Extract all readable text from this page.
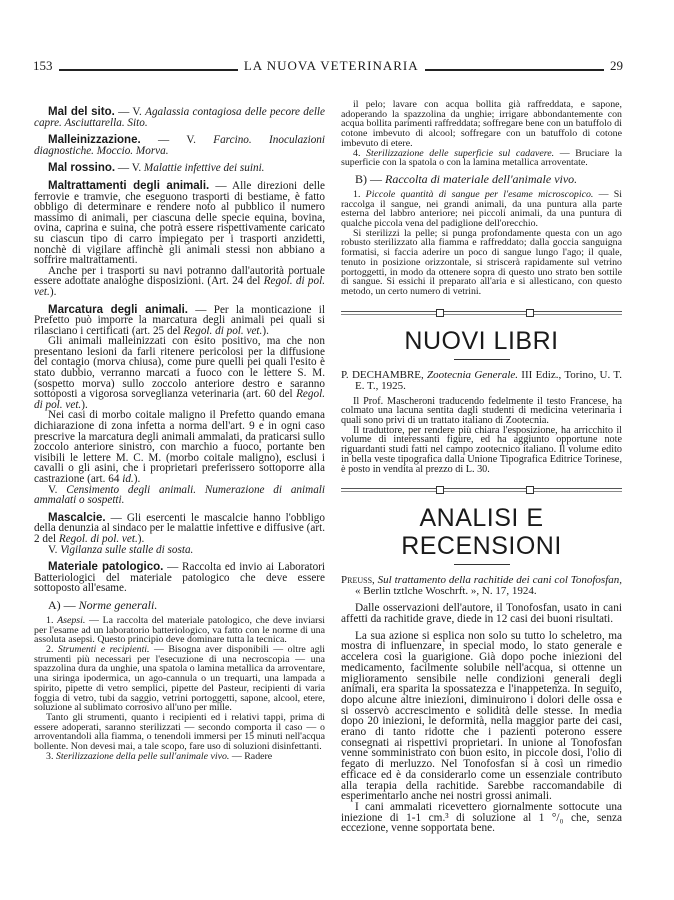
153	LA NUOVA VETERINARIA	29

Mal del sito. — V. Agalassia contagiosa delle pecore delle capre. Asciuttarella. Sito.

Malleinizzazione. — V. Farcino. Inoculazioni diagnostiche. Moccio. Morva.

Mal rossino. — V. Malattie infettive dei suini.

Maltrattamenti degli animali. — Alle direzioni delle ferrovie e tramvie, che eseguono trasporti di bestiame, è fatto obbligo di determinare e rendere noto al pubblico il numero massimo di animali, per ciascuna delle specie equina, bovina, ovina, caprina e suina, che potrà essere rispettivamente caricato su ciascun tipo di carro impiegato per i trasporti anzidetti, nonchè di vigilare affinchè gli animali stessi non abbiano a soffrire maltrattamenti.

Anche per i trasporti su navi potranno dall'autorità portuale essere adottate analoghe disposizioni. (Art. 24 del Regol. di pol. vet.).

Marcatura degli animali. — Per la monticazione il Prefetto può imporre la marcatura degli animali pei quali si rilasciano i certificati (art. 25 del Regol. di pol. vet.).

Gli animali malleinizzati con esito positivo, ma che non presentano lesioni da farli ritenere pericolosi per la diffusione del contagio (morva chiusa), come pure quelli pei quali l'esito è stato dubbio, verranno marcati a fuoco con le lettere S. M. (sospetto morva) sullo zoccolo anteriore destro e saranno sottoposti a vigorosa sorveglianza veterinaria (art. 60 del Regol. di pol. vet.).

Nei casi di morbo coitale maligno il Prefetto quando emana dichiarazione di zona infetta a norma dell'art. 9 e in ogni caso prescrive la marcatura degli animali ammalati, da praticarsi sullo zoccolo anteriore sinistro, con marchio a fuoco, portante ben visibili le lettere M. C. M. (morbo coitale maligno), esclusi i cavalli o gli asini, che i proprietari preferissero sottoporre alla castrazione (art. 64 id.).

V. Censimento degli animali. Numerazione di animali ammalati o sospetti.

Mascalcie. — Gli esercenti le mascalcie hanno l'obbligo della denunzia al sindaco per le malattie infettive e diffusive (art. 2 del Regol. di pol. vet.).

V. Vigilanza sulle stalle di sosta.

Materiale patologico. — Raccolta ed invio ai Laboratori Batteriologici del materiale patologico che deve essere sottoposto all'esame.

A) — Norme generali.

1. Asepsi. — La raccolta del materiale patologico, che deve inviarsi per l'esame ad un laboratorio batteriologico, va fatto con le norme di una assoluta asepsi. Questo principio deve dominare tutta la tecnica.

2. Strumenti e recipienti. — Bisogna aver disponibili — oltre agli strumenti più necessari per l'esecuzione di una necroscopia — una spazzolina dura da unghie, una spatola o lamina metallica da arroventare, una siringa ipodermica, un ago-cannula o un trequarti, una lampada a spirito, pipette di vetro semplici, pipette del Pasteur, recipienti di varia foggia di vetro, tubi da saggio, vetrini portoggetti, sapone, alcool, etere, soluzione al sublimato corrosivo all'uno per mille.

Tanto gli strumenti, quanto i recipienti ed i relativi tappi, prima di essere adoperati, saranno sterilizzati — secondo comporta il caso — o arroventandoli alla fiamma, o tenendoli immersi per 15 minuti nell'acqua bollente. Non devesi mai, a tale scopo, fare uso di soluzioni disinfettanti.

3. Sterilizzazione della pelle sull'animale vivo. — Radere

il pelo; lavare con acqua bollita già raffreddata, e sapone, adoperando la spazzolina da unghie; irrigare abbondantemente con acqua bollita parimenti raffreddata; soffregare bene con un batuffolo di cotone imbevuto di alcool; soffregare con un batuffolo di cotone imbevuto di etere.

4. Sterilizzazione delle superficie sul cadavere. — Bruciare la superficie con la spatola o con la lamina metallica arroventate.

B) — Raccolta di materiale dell'animale vivo.

1. Piccole quantità di sangue per l'esame microscopico. — Si raccolga il sangue, nei grandi animali, da una puntura alla parte esterna del labbro anteriore; nei piccoli animali, da una puntura di qualche piccola vena del padiglione dell'orecchio.

Si sterilizzi la pelle; si punga profondamente questa con un ago robusto sterilizzato alla fiamma e raffreddato; dalla goccia sanguigna formatisi, si faccia aderire un poco di sangue lungo l'ago; il quale, tenuto in posizione orizzontale, si striscerà rapidamente sul vetrino portoggetti, in modo da ottenere sopra di questo uno strato ben sottile di sangue. Si essichi il preparato all'aria e si allesticano, con questo metodo, un certo numero di vetrini.

NUOVI LIBRI

P. DECHAMBRE, Zootecnia Generale. III Ediz., Torino, U. T. E. T., 1925.

Il Prof. Mascheroni traducendo fedelmente il testo Francese, ha colmato una lacuna sentita dagli studenti di medicina veterinaria i quali sono privi di un trattato italiano di Zootecnia.

Il traduttore, per rendere più chiara l'esposizione, ha arricchito il volume di interessanti figure, ed ha aggiunto opportune note riguardanti studi fatti nel campo zootecnico italiano. Il volume edito in bella veste tipografica dalla Unione Tipografica Editrice Torinese, è posto in vendita al prezzo di L. 30.

ANALISI E RECENSIONI

Preuss, Sul trattamento della rachitide dei cani col Tonofosfan, « Berlin tztlche Woschrft. », N. 17, 1924.

Dalle osservazioni dell'autore, il Tonofosfan, usato in cani affetti da rachitide grave, diede in 12 casi dei buoni risultati.

La sua azione si esplica non solo su tutto lo scheletro, ma mostra di influenzare, in special modo, lo stato generale e accelera così la guarigione. Già dopo poche iniezioni del medicamento, facilmente solubile nell'acqua, si ottenne un miglioramento sensibile nelle condizioni generali degli animali, era sparita la spossatezza e l'inappetenza. In seguito, dopo alcune altre iniezioni, diminuirono i dolori delle ossa e si osservò accrescimento e solidità delle stesse. In media dopo 20 iniezioni, le deformità, nella maggior parte dei casi, erano di tanto ridotte che i pazienti poterono essere consegnati ai rispettivi proprietari. In unione al Tonofosfan venne somministrato con buon esito, in piccole dosi, l'olio di fegato di merluzzo. Nel Tonofosfan si à così un rimedio efficace ed è da considerarlo come un essenziale contributo alla terapia della rachitide. Sarebbe raccomandabile di esperimentarlo anche nei nostri grossi animali.

I cani ammalati ricevettero giornalmente sottocute una iniezione di 1-1 cm.³ di soluzione al 1 °/₀ che, senza eccezione, venne sopportata bene.
